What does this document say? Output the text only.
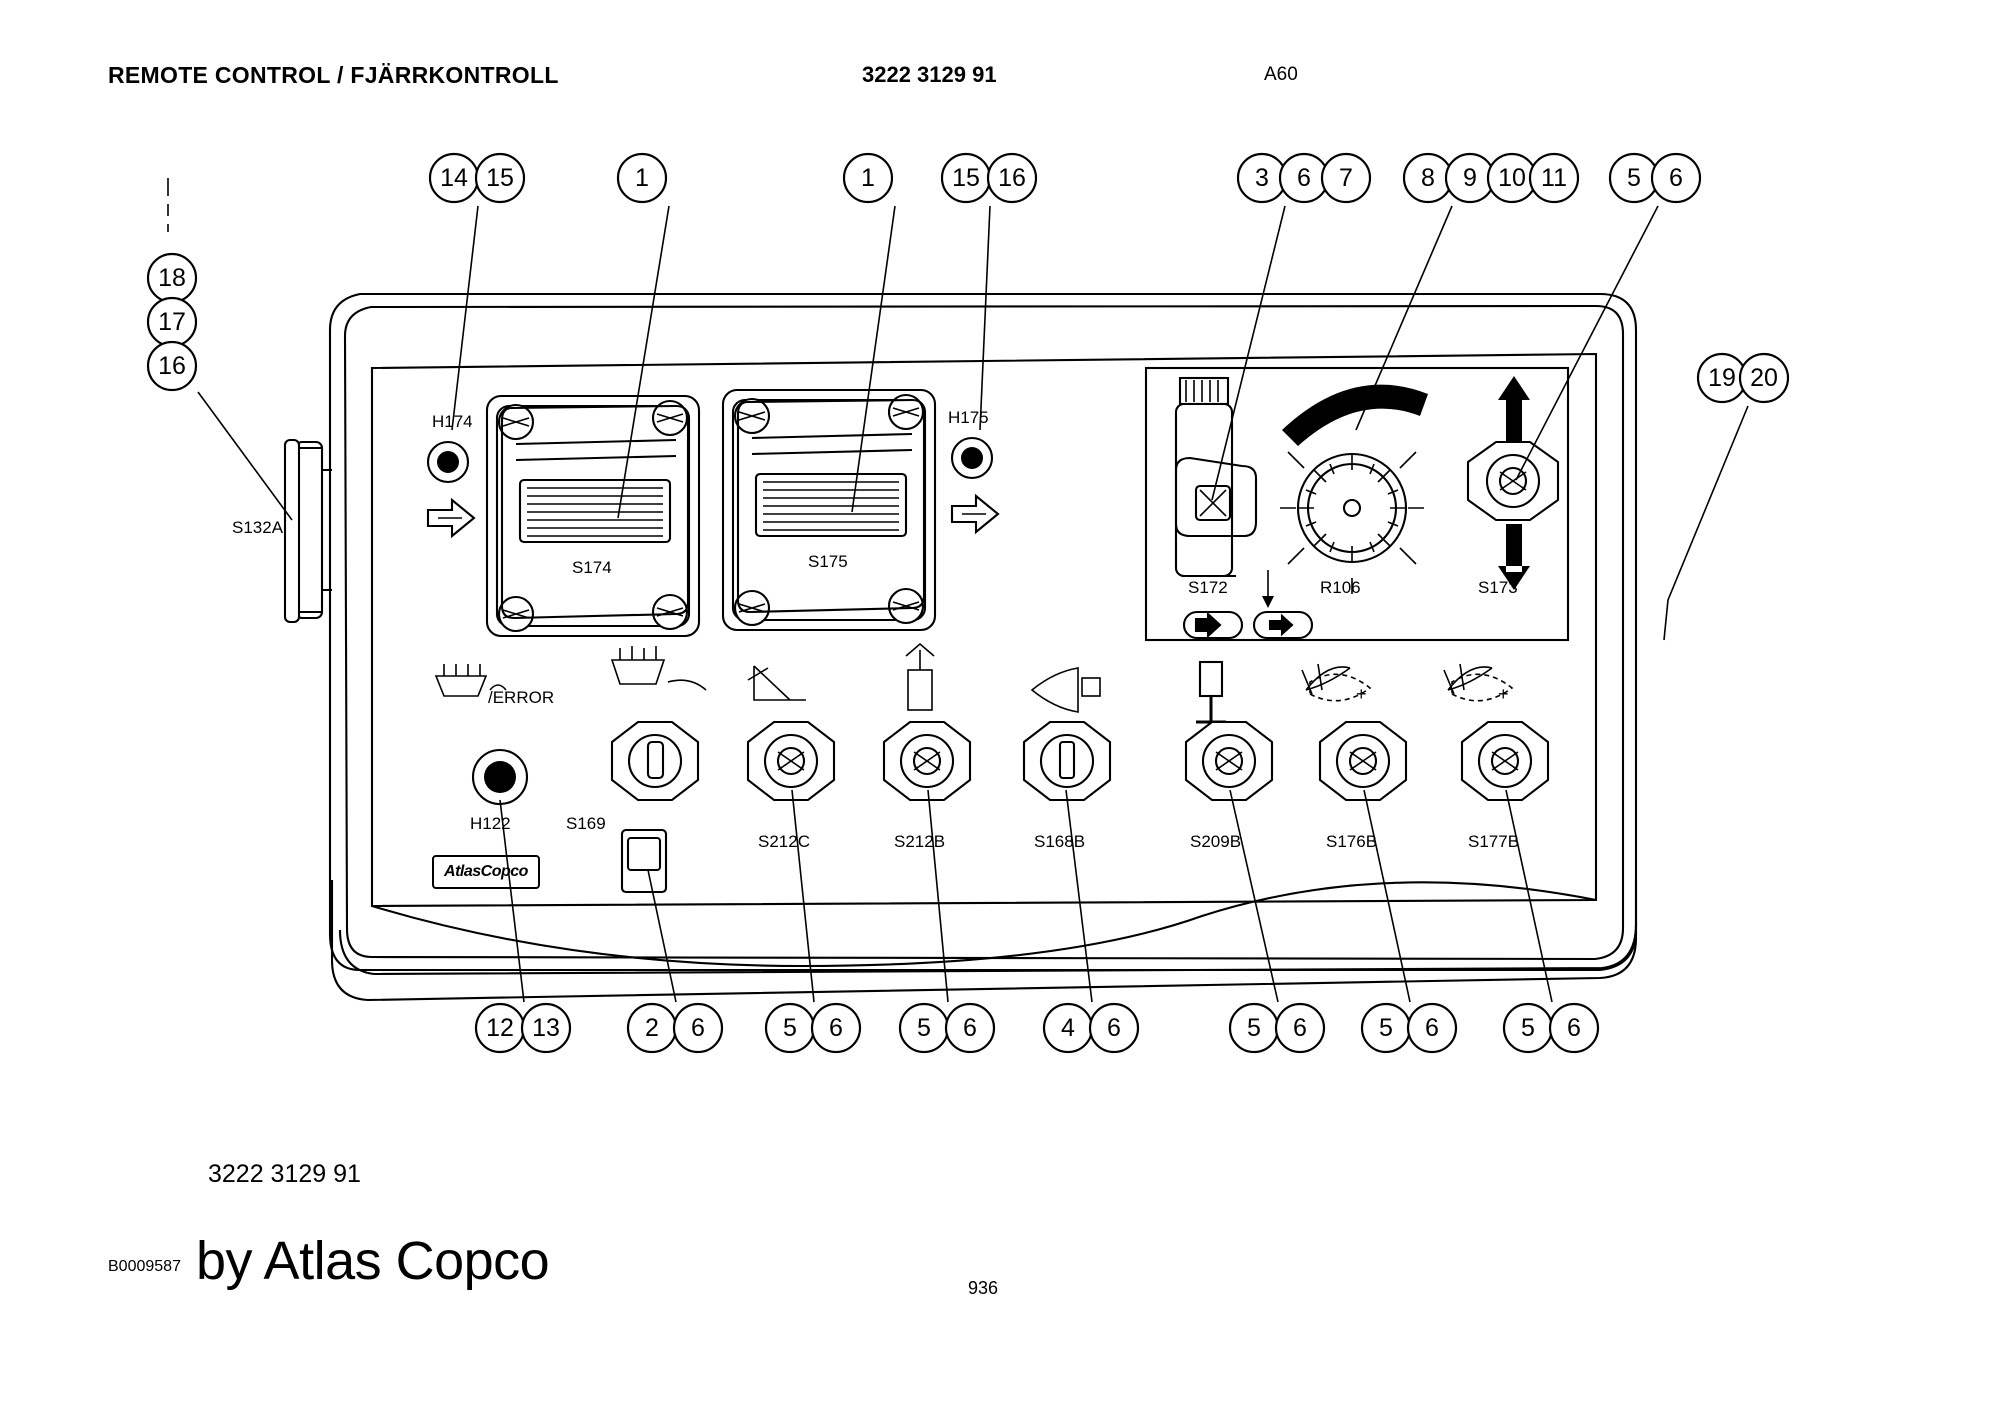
REMOTE CONTROL / FJÄRRKONTROLL	3222 3129 91	A60
+	+
S132A
H174
S174	S175
H175
S172	R106	S173
/ERROR
H122	S169
S212C	S212B	S168B	S209B	S176B	S177B
AtlasCopco
14 15	1	1	15 16	3	6	7	8	9 10 11	5	6
18
17
16	19 20
12 13	2	6	5	6	5	6	4	6	5	6	5	6	5	6
3222 3129 91
B0009587 by Atlas Copco	936
